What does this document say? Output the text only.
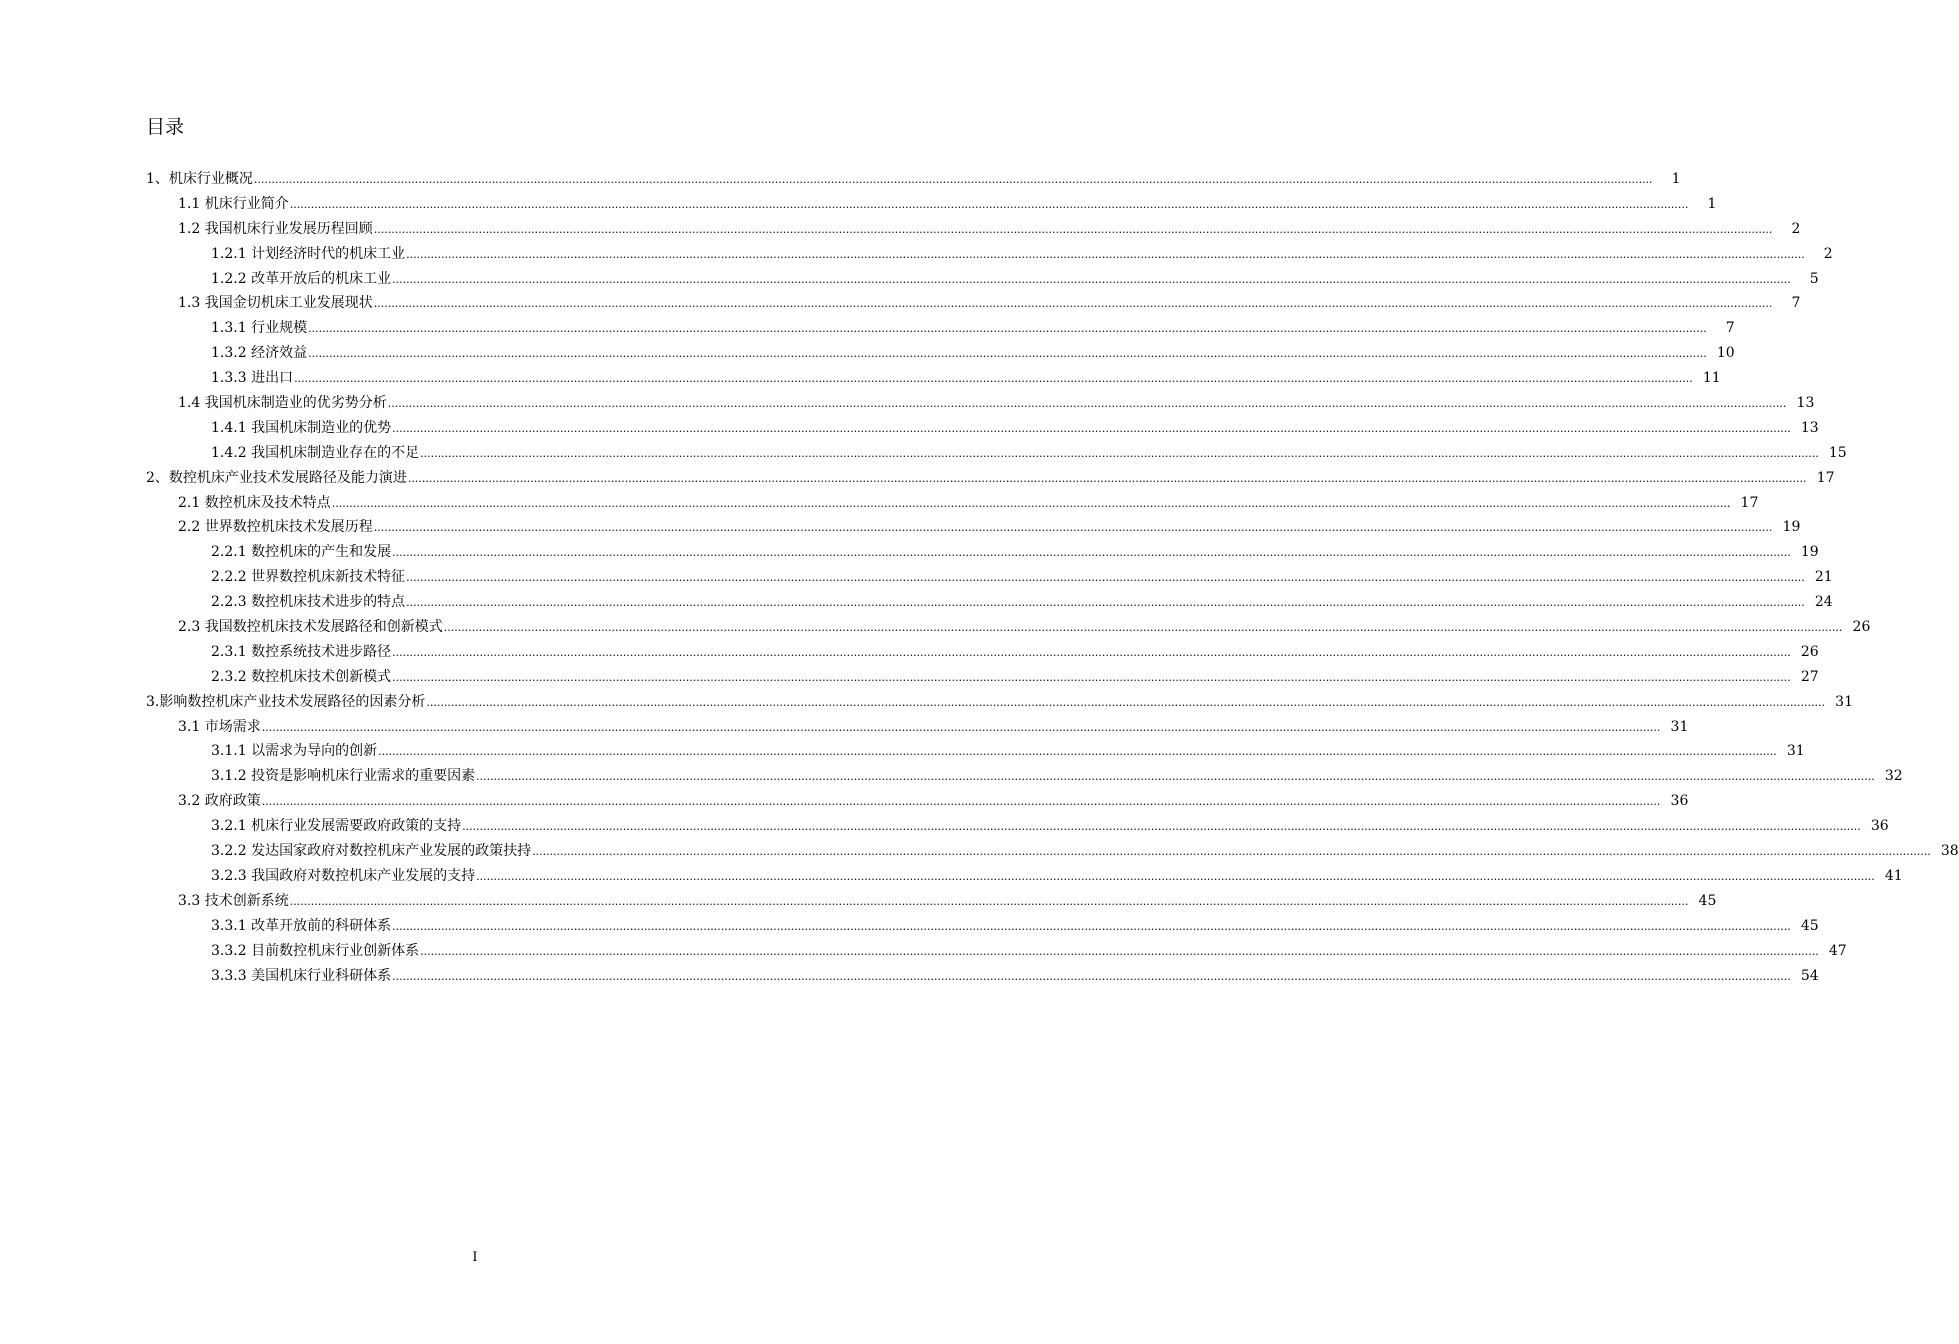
目录
1、机床行业概况 ................................................................................................................................................................................................................................................................................................................................................................................................................	1
1.1 机床行业简介 ................................................................................................................................................................................................................................................................................................................................................................................................................	1
1.2 我国机床行业发展历程回顾 ................................................................................................................................................................................................................................................................................................................................................................................................................	2
1.2.1 计划经济时代的机床工业 ................................................................................................................................................................................................................................................................................................................................................................................................................	2
1.2.2 改革开放后的机床工业 ................................................................................................................................................................................................................................................................................................................................................................................................................	5
1.3 我国金切机床工业发展现状 ................................................................................................................................................................................................................................................................................................................................................................................................................	7
1.3.1 行业规模 ................................................................................................................................................................................................................................................................................................................................................................................................................	7
1.3.2 经济效益 ................................................................................................................................................................................................................................................................................................................................................................................................................ 10
1.3.3 进出口 ................................................................................................................................................................................................................................................................................................................................................................................................................ 11
1.4 我国机床制造业的优劣势分析 ................................................................................................................................................................................................................................................................................................................................................................................................................ 13
1.4.1 我国机床制造业的优势 ................................................................................................................................................................................................................................................................................................................................................................................................................ 13
1.4.2 我国机床制造业存在的不足 ................................................................................................................................................................................................................................................................................................................................................................................................................ 15
2、数控机床产业技术发展路径及能力演进 ................................................................................................................................................................................................................................................................................................................................................................................................................ 17
2.1 数控机床及技术特点 ................................................................................................................................................................................................................................................................................................................................................................................................................ 17
2.2 世界数控机床技术发展历程 ................................................................................................................................................................................................................................................................................................................................................................................................................ 19
2.2.1 数控机床的产生和发展 ................................................................................................................................................................................................................................................................................................................................................................................................................ 19
2.2.2 世界数控机床新技术特征 ................................................................................................................................................................................................................................................................................................................................................................................................................ 21
2.2.3 数控机床技术进步的特点 ................................................................................................................................................................................................................................................................................................................................................................................................................ 24
2.3 我国数控机床技术发展路径和创新模式 ................................................................................................................................................................................................................................................................................................................................................................................................................ 26
2.3.1 数控系统技术进步路径 ................................................................................................................................................................................................................................................................................................................................................................................................................ 26
2.3.2 数控机床技术创新模式 ................................................................................................................................................................................................................................................................................................................................................................................................................ 27
3.影响数控机床产业技术发展路径的因素分析 ................................................................................................................................................................................................................................................................................................................................................................................................................ 31
3.1 市场需求 ................................................................................................................................................................................................................................................................................................................................................................................................................ 31
3.1.1 以需求为导向的创新 ................................................................................................................................................................................................................................................................................................................................................................................................................ 31
3.1.2 投资是影响机床行业需求的重要因素 ................................................................................................................................................................................................................................................................................................................................................................................................................ 32
3.2 政府政策 ................................................................................................................................................................................................................................................................................................................................................................................................................ 36
3.2.1 机床行业发展需要政府政策的支持 ................................................................................................................................................................................................................................................................................................................................................................................................................ 36
3.2.2 发达国家政府对数控机床产业发展的政策扶持 ................................................................................................................................................................................................................................................................................................................................................................................................................ 38
3.2.3 我国政府对数控机床产业发展的支持 ................................................................................................................................................................................................................................................................................................................................................................................................................ 41
3.3 技术创新系统 ................................................................................................................................................................................................................................................................................................................................................................................................................ 45
3.3.1 改革开放前的科研体系 ................................................................................................................................................................................................................................................................................................................................................................................................................ 45
3.3.2 目前数控机床行业创新体系 ................................................................................................................................................................................................................................................................................................................................................................................................................ 47
3.3.3 美国机床行业科研体系 ................................................................................................................................................................................................................................................................................................................................................................................................................ 54
I
